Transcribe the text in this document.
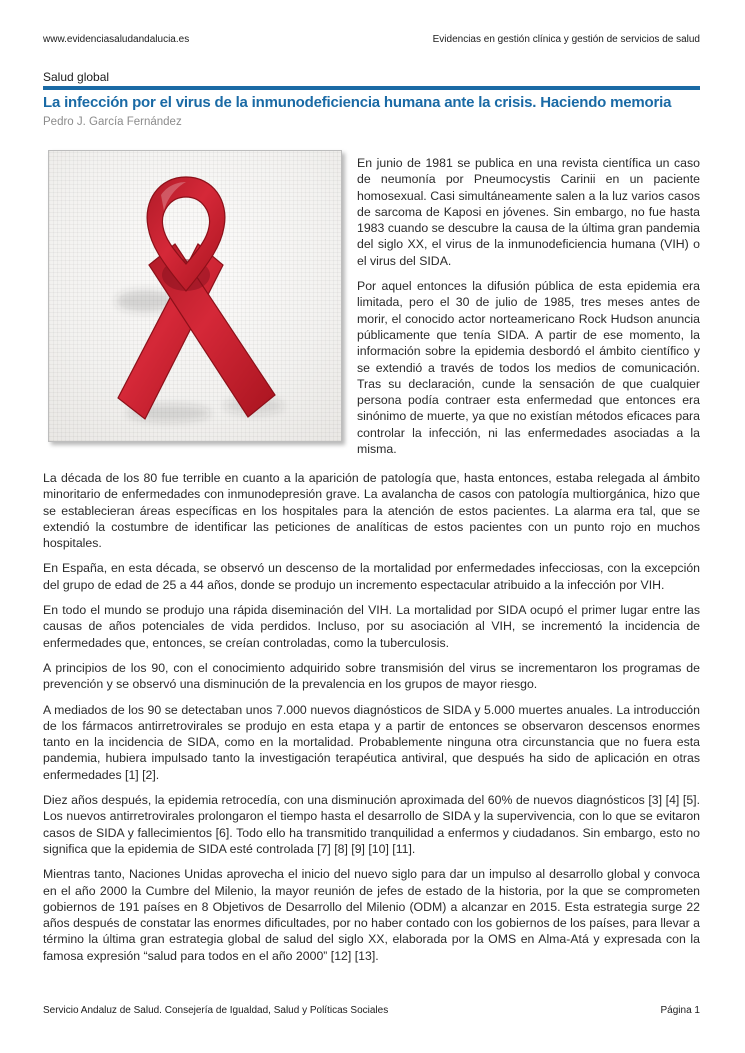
www.evidenciasaludandalucia.es	Evidencias en gestión clínica y gestión de servicios de salud
Salud global
La infección por el virus de la inmunodeficiencia humana ante la crisis. Haciendo memoria
Pedro J. García Fernández

En junio de 1981 se publica en una revista científica un caso de neumonía por Pneumocystis Carinii en un paciente homosexual. Casi simultáneamente salen a la luz varios casos de sarcoma de Kaposi en jóvenes. Sin embargo, no fue hasta 1983 cuando se descubre la causa de la última gran pandemia del siglo XX, el virus de la inmunodeficiencia humana (VIH) o el virus del SIDA.

Por aquel entonces la difusión pública de esta epidemia era limitada, pero el 30 de julio de 1985, tres meses antes de morir, el conocido actor norteamericano Rock Hudson anuncia públicamente que tenía SIDA. A partir de ese momento, la información sobre la epidemia desbordó el ámbito científico y se extendió a través de todos los medios de comunicación. Tras su declaración, cunde la sensación de que cualquier persona podía contraer esta enfermedad que entonces era sinónimo de muerte, ya que no existían métodos eficaces para controlar la infección, ni las enfermedades asociadas a la misma.

La década de los 80 fue terrible en cuanto a la aparición de patología que, hasta entonces, estaba relegada al ámbito minoritario de enfermedades con inmunodepresión grave. La avalancha de casos con patología multiorgánica, hizo que se establecieran áreas específicas en los hospitales para la atención de estos pacientes. La alarma era tal, que se extendió la costumbre de identificar las peticiones de analíticas de estos pacientes con un punto rojo en muchos hospitales.

En España, en esta década, se observó un descenso de la mortalidad por enfermedades infecciosas, con la excepción del grupo de edad de 25 a 44 años, donde se produjo un incremento espectacular atribuido a la infección por VIH.

En todo el mundo se produjo una rápida diseminación del VIH. La mortalidad por SIDA ocupó el primer lugar entre las causas de años potenciales de vida perdidos. Incluso, por su asociación al VIH, se incrementó la incidencia de enfermedades que, entonces, se creían controladas, como la tuberculosis.

A principios de los 90, con el conocimiento adquirido sobre transmisión del virus se incrementaron los programas de prevención y se observó una disminución de la prevalencia en los grupos de mayor riesgo.

A mediados de los 90 se detectaban unos 7.000 nuevos diagnósticos de SIDA y 5.000 muertes anuales. La introducción de los fármacos antirretrovirales se produjo en esta etapa y a partir de entonces se observaron descensos enormes tanto en la incidencia de SIDA, como en la mortalidad. Probablemente ninguna otra circunstancia que no fuera esta pandemia, hubiera impulsado tanto la investigación terapéutica antiviral, que después ha sido de aplicación en otras enfermedades [1] [2].

Diez años después, la epidemia retrocedía, con una disminución aproximada del 60% de nuevos diagnósticos [3] [4] [5]. Los nuevos antirretrovirales prolongaron el tiempo hasta el desarrollo de SIDA y la supervivencia, con lo que se evitaron casos de SIDA y fallecimientos [6]. Todo ello ha transmitido tranquilidad a enfermos y ciudadanos. Sin embargo, esto no significa que la epidemia de SIDA esté controlada [7] [8] [9] [10] [11].

Mientras tanto, Naciones Unidas aprovecha el inicio del nuevo siglo para dar un impulso al desarrollo global y convoca en el año 2000 la Cumbre del Milenio, la mayor reunión de jefes de estado de la historia, por la que se comprometen gobiernos de 191 países en 8 Objetivos de Desarrollo del Milenio (ODM) a alcanzar en 2015. Esta estrategia surge 22 años después de constatar las enormes dificultades, por no haber contado con los gobiernos de los países, para llevar a término la última gran estrategia global de salud del siglo XX, elaborada por la OMS en Alma-Atá y expresada con la famosa expresión “salud para todos en el año 2000” [12] [13].

Servicio Andaluz de Salud. Consejería de Igualdad, Salud y Políticas Sociales	Página 1
